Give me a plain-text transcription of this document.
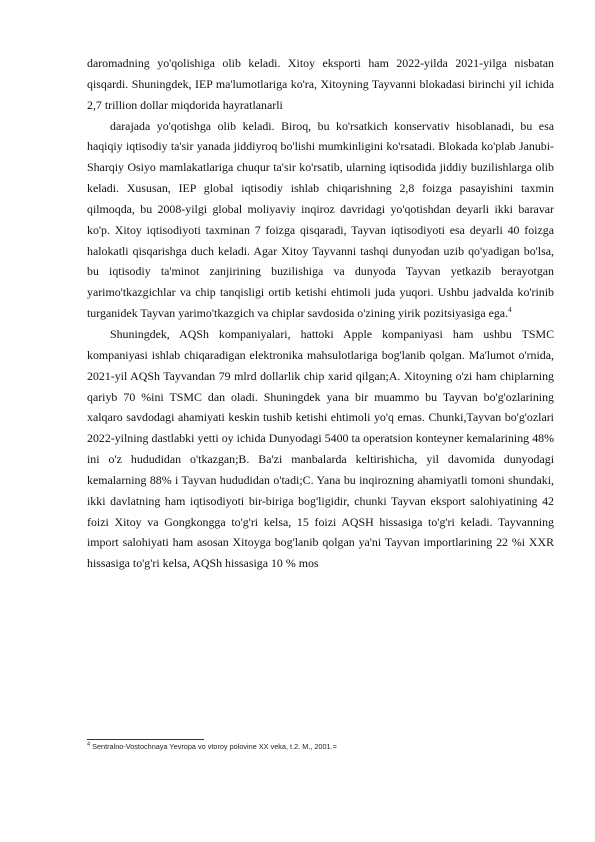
daromadning yo'qolishiga olib keladi. Xitoy eksporti ham 2022-yilda 2021-yilga nisbatan qisqardi. Shuningdek, IEP ma'lumotlariga ko'ra, Xitoyning Tayvanni blokadasi birinchi yil ichida 2,7 trillion dollar miqdorida hayratlanarli

darajada yo'qotishga olib keladi. Biroq, bu ko'rsatkich konservativ hisoblanadi, bu esa haqiqiy iqtisodiy ta'sir yanada jiddiyroq bo'lishi mumkinligini ko'rsatadi. Blokada ko'plab Janubi-Sharqiy Osiyo mamlakatlariga chuqur ta'sir ko'rsatib, ularning iqtisodida jiddiy buzilishlarga olib keladi. Xususan, IEP global iqtisodiy ishlab chiqarishning 2,8 foizga pasayishini taxmin qilmoqda, bu 2008-yilgi global moliyaviy inqiroz davridagi yo'qotishdan deyarli ikki baravar ko'p. Xitoy iqtisodiyoti taxminan 7 foizga qisqaradi, Tayvan iqtisodiyoti esa deyarli 40 foizga halokatli qisqarishga duch keladi. Agar Xitoy Tayvanni tashqi dunyodan uzib qo'yadigan bo'lsa, bu iqtisodiy ta'minot zanjirining buzilishiga va dunyoda Tayvan yetkazib berayotgan yarimo'tkazgichlar va chip tanqisligi ortib ketishi ehtimoli juda yuqori. Ushbu jadvalda ko'rinib turganidek Tayvan yarimo'tkazgich va chiplar savdosida o'zining yirik pozitsiyasiga ega.$^4$

Shuningdek, AQSh kompaniyalari, hattoki Apple kompaniyasi ham ushbu TSMC kompaniyasi ishlab chiqaradigan elektronika mahsulotlariga bog'lanib qolgan. Ma'lumot o'rnida, 2021-yil AQSh Tayvandan 79 mlrd dollarlik chip xarid qilgan;A. Xitoyning o'zi ham chiplarning qariyb 70 %ini TSMC dan oladi. Shuningdek yana bir muammo bu Tayvan bo'g'ozlarining xalqaro savdodagi ahamiyati keskin tushib ketishi ehtimoli yo'q emas. Chunki,Tayvan bo'g'ozlari 2022-yilning dastlabki yetti oy ichida Dunyodagi 5400 ta operatsion konteyner kemalarining 48% ini o'z hududidan o'tkazgan;B. Ba'zi manbalarda keltirishicha, yil davomida dunyodagi kemalarning 88% i Tayvan hududidan o'tadi;C. Yana bu inqirozning ahamiyatli tomoni shundaki, ikki davlatning ham iqtisodiyoti bir-biriga bog'ligidir, chunki Tayvan eksport salohiyatining 42 foizi Xitoy va Gongkongga to'g'ri kelsa, 15 foizi AQSH hissasiga to'g'ri keladi. Tayvanning import salohiyati ham asosan Xitoyga bog'lanib qolgan ya'ni Tayvan importlarining 22 %i XXR hissasiga to'g'ri kelsa, AQSh hissasiga 10 % mos

$^4$ Sentralno-Vostochnaya Yevropa vo vtoroy polovine XX veka, t.2. M., 2001.=
